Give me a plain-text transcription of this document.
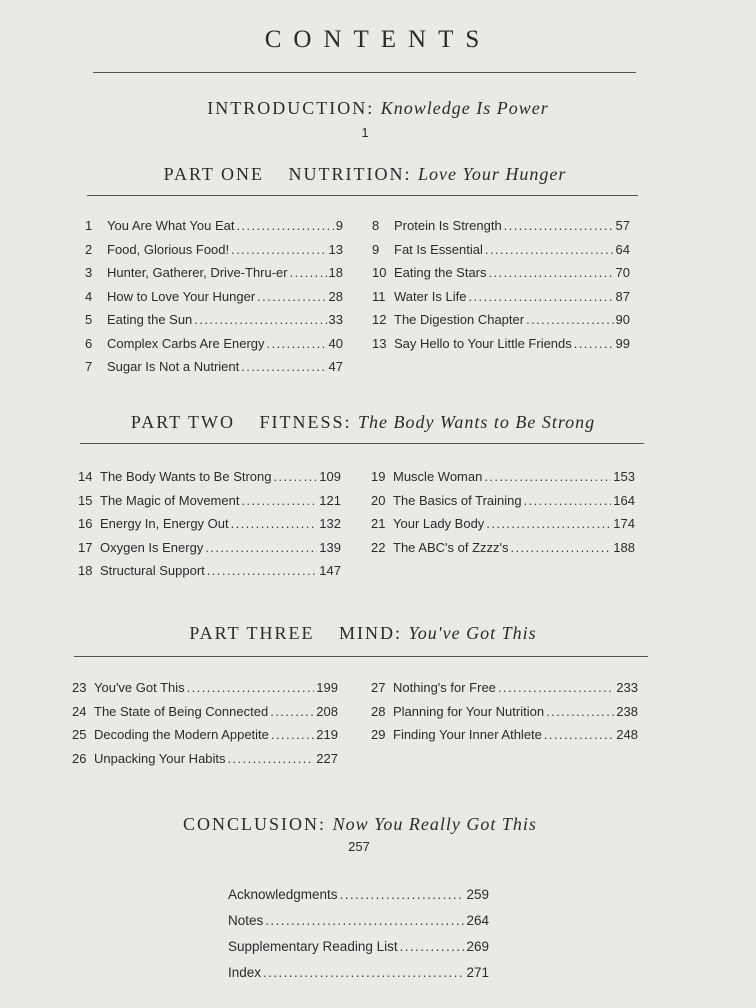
CONTENTS
INTRODUCTION: Knowledge Is Power
1
PART ONE NUTRITION: Love Your Hunger
1	You Are What You Eat .....	9
2	Food, Glorious Food! .....	13
3	Hunter, Gatherer, Drive-Thru-er .....	18
4	How to Love Your Hunger .....	28
5	Eating the Sun .....	33
6	Complex Carbs Are Energy .....	40
7	Sugar Is Not a Nutrient .....	47
8	Protein Is Strength .....	57
9	Fat Is Essential .....	64
10 Eating the Stars .....	70
11 Water Is Life .....	87
12 The Digestion Chapter .....	90
13 Say Hello to Your Little Friends .....	99
PART TWO FITNESS: The Body Wants to Be Strong
14 The Body Wants to Be Strong .....	109
15 The Magic of Movement .....	121
16 Energy In, Energy Out .....	132
17 Oxygen Is Energy .....	139
18 Structural Support .....	147
19 Muscle Woman .....	153
20 The Basics of Training .....	164
21 Your Lady Body .....	174
22 The ABC's of Zzzz's .....	188
PART THREE MIND: You've Got This
23 You've Got This .....	199
24 The State of Being Connected .....	208
25 Decoding the Modern Appetite .....	219
26 Unpacking Your Habits .....	227
27 Nothing's for Free .....	233
28 Planning for Your Nutrition .....	238
29 Finding Your Inner Athlete .....	248
CONCLUSION: Now You Really Got This
257
Acknowledgments .....	259
Notes .....	264
Supplementary Reading List .....	269
Index .....	271
